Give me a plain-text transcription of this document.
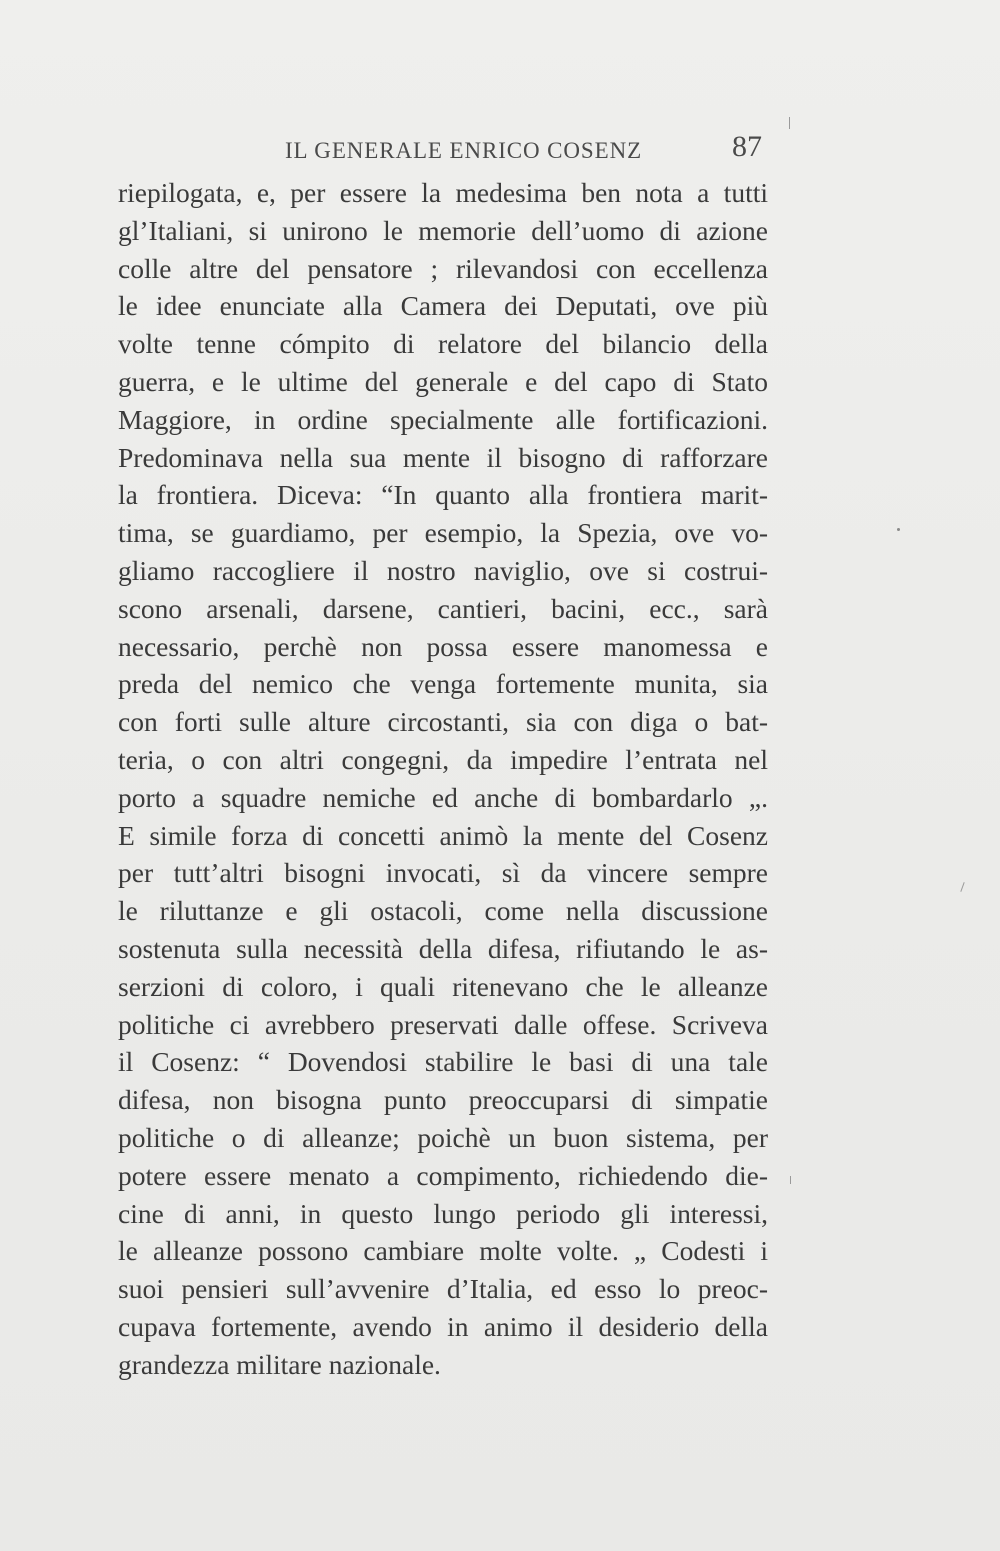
IL GENERALE ENRICO COSENZ	87
riepilogata, e, per essere la medesima ben nota a tutti
gl’Italiani, si unirono le memorie dell’uomo di azione
colle altre del pensatore ; rilevandosi con eccellenza
le idee enunciate alla Camera dei Deputati, ove più
volte tenne cómpito di relatore del bilancio della
guerra, e le ultime del generale e del capo di Stato
Maggiore, in ordine specialmente alle fortificazioni.
Predominava nella sua mente il bisogno di rafforzare
la frontiera. Diceva: “In quanto alla frontiera marit-
tima, se guardiamo, per esempio, la Spezia, ove vo-
gliamo raccogliere il nostro naviglio, ove si costrui-
scono arsenali, darsene, cantieri, bacini, ecc., sarà
necessario, perchè non possa essere manomessa e
preda del nemico che venga fortemente munita, sia
con forti sulle alture circostanti, sia con diga o bat-
teria, o con altri congegni, da impedire l’entrata nel
porto a squadre nemiche ed anche di bombardarlo „.
E simile forza di concetti animò la mente del Cosenz
per tutt’altri bisogni invocati, sì da vincere sempre
le riluttanze e gli ostacoli, come nella discussione
sostenuta sulla necessità della difesa, rifiutando le as-
serzioni di coloro, i quali ritenevano che le alleanze
politiche ci avrebbero preservati dalle offese. Scriveva
il Cosenz: “ Dovendosi stabilire le basi di una tale
difesa, non bisogna punto preoccuparsi di simpatie
politiche o di alleanze; poichè un buon sistema, per
potere essere menato a compimento, richiedendo die-
cine di anni, in questo lungo periodo gli interessi,
le alleanze possono cambiare molte volte. „ Codesti i
suoi pensieri sull’avvenire d’Italia, ed esso lo preoc-
cupava fortemente, avendo in animo il desiderio della
grandezza militare nazionale.
